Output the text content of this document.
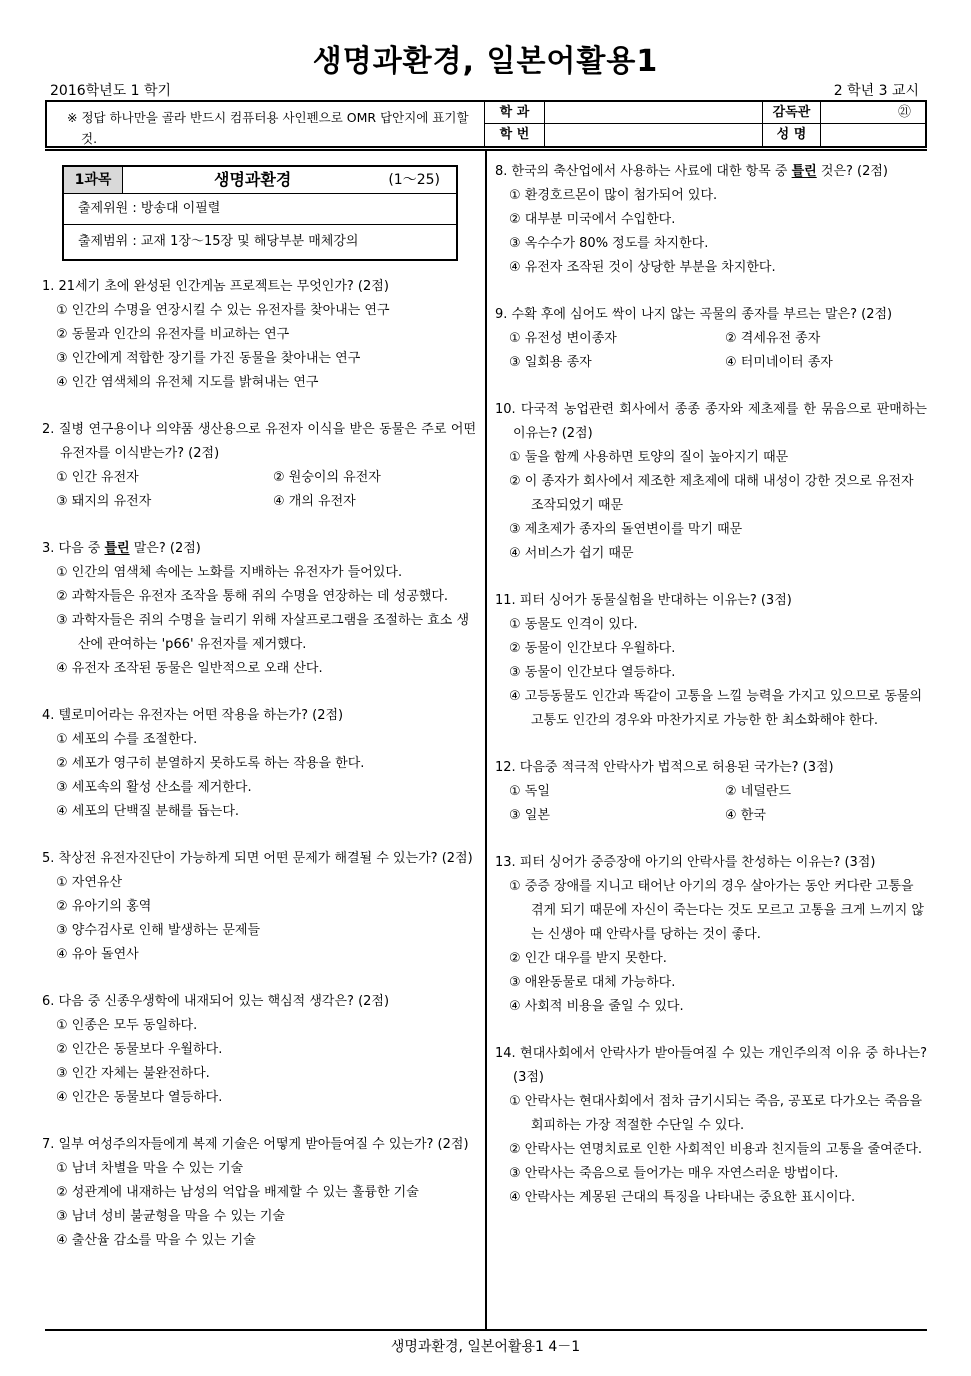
생명과환경, 일본어활용1
2016학년도 1 학기	2 학년 3 교시
※ 정답 하나만을 골라 반드시 컴퓨터용 사인펜으로 OMR 답안지에 표기할 것.
학 과	감독관	㉑
학 번	성 명
1과목	생명과환경	(1～25)
출제위원 : 방송대 이필렬
출제범위 : 교재 1장～15장 및 해당부분 매체강의
1. 21세기 초에 완성된 인간게놈 프로젝트는 무엇인가? (2점)
① 인간의 수명을 연장시킬 수 있는 유전자를 찾아내는 연구
② 동물과 인간의 유전자를 비교하는 연구
③ 인간에게 적합한 장기를 가진 동물을 찾아내는 연구
④ 인간 염색체의 유전체 지도를 밝혀내는 연구
2. 질병 연구용이나 의약품 생산용으로 유전자 이식을 받은 동물은 주로 어떤 유전자를 이식받는가? (2점)
① 인간 유전자	② 원숭이의 유전자
③ 돼지의 유전자	④ 개의 유전자
3. 다음 중 틀린 말은? (2점)
① 인간의 염색체 속에는 노화를 지배하는 유전자가 들어있다.
② 과학자들은 유전자 조작을 통해 쥐의 수명을 연장하는 데 성공했다.
③ 과학자들은 쥐의 수명을 늘리기 위해 자살프로그램을 조절하는 효소 생산에 관여하는 'p66' 유전자를 제거했다.
④ 유전자 조작된 동물은 일반적으로 오래 산다.
4. 텔로미어라는 유전자는 어떤 작용을 하는가? (2점)
① 세포의 수를 조절한다.
② 세포가 영구히 분열하지 못하도록 하는 작용을 한다.
③ 세포속의 활성 산소를 제거한다.
④ 세포의 단백질 분해를 돕는다.
5. 착상전 유전자진단이 가능하게 되면 어떤 문제가 해결될 수 있는가? (2점)
① 자연유산
② 유아기의 홍역
③ 양수검사로 인해 발생하는 문제들
④ 유아 돌연사
6. 다음 중 신종우생학에 내재되어 있는 핵심적 생각은? (2점)
① 인종은 모두 동일하다.
② 인간은 동물보다 우월하다.
③ 인간 자체는 불완전하다.
④ 인간은 동물보다 열등하다.
7. 일부 여성주의자들에게 복제 기술은 어떻게 받아들여질 수 있는가? (2점)
① 남녀 차별을 막을 수 있는 기술
② 성관계에 내재하는 남성의 억압을 배제할 수 있는 훌륭한 기술
③ 남녀 성비 불균형을 막을 수 있는 기술
④ 출산율 감소를 막을 수 있는 기술
8. 한국의 축산업에서 사용하는 사료에 대한 항목 중 틀린 것은? (2점)
① 환경호르몬이 많이 첨가되어 있다.
② 대부분 미국에서 수입한다.
③ 옥수수가 80% 정도를 차지한다.
④ 유전자 조작된 것이 상당한 부분을 차지한다.
9. 수확 후에 심어도 싹이 나지 않는 곡물의 종자를 부르는 말은? (2점)
① 유전성 변이종자	② 격세유전 종자
③ 일회용 종자	④ 터미네이터 종자
10. 다국적 농업관련 회사에서 종종 종자와 제초제를 한 묶음으로 판매하는 이유는? (2점)
① 둘을 함께 사용하면 토양의 질이 높아지기 때문
② 이 종자가 회사에서 제조한 제초제에 대해 내성이 강한 것으로 유전자 조작되었기 때문
③ 제초제가 종자의 돌연변이를 막기 때문
④ 서비스가 쉽기 때문
11. 피터 싱어가 동물실험을 반대하는 이유는? (3점)
① 동물도 인격이 있다.
② 동물이 인간보다 우월하다.
③ 동물이 인간보다 열등하다.
④ 고등동물도 인간과 똑같이 고통을 느낄 능력을 가지고 있으므로 동물의 고통도 인간의 경우와 마찬가지로 가능한 한 최소화해야 한다.
12. 다음중 적극적 안락사가 법적으로 허용된 국가는? (3점)
① 독일	② 네덜란드
③ 일본	④ 한국
13. 피터 싱어가 중증장애 아기의 안락사를 찬성하는 이유는? (3점)
① 중증 장애를 지니고 태어난 아기의 경우 살아가는 동안 커다란 고통을 겪게 되기 때문에 자신이 죽는다는 것도 모르고 고통을 크게 느끼지 않는 신생아 때 안락사를 당하는 것이 좋다.
② 인간 대우를 받지 못한다.
③ 애완동물로 대체 가능하다.
④ 사회적 비용을 줄일 수 있다.
14. 현대사회에서 안락사가 받아들여질 수 있는 개인주의적 이유 중 하나는? (3점)
① 안락사는 현대사회에서 점차 금기시되는 죽음, 공포로 다가오는 죽음을 회피하는 가장 적절한 수단일 수 있다.
② 안락사는 연명치료로 인한 사회적인 비용과 친지들의 고통을 줄여준다.
③ 안락사는 죽음으로 들어가는 매우 자연스러운 방법이다.
④ 안락사는 계몽된 근대의 특징을 나타내는 중요한 표시이다.
생명과환경, 일본어활용1 4－1
